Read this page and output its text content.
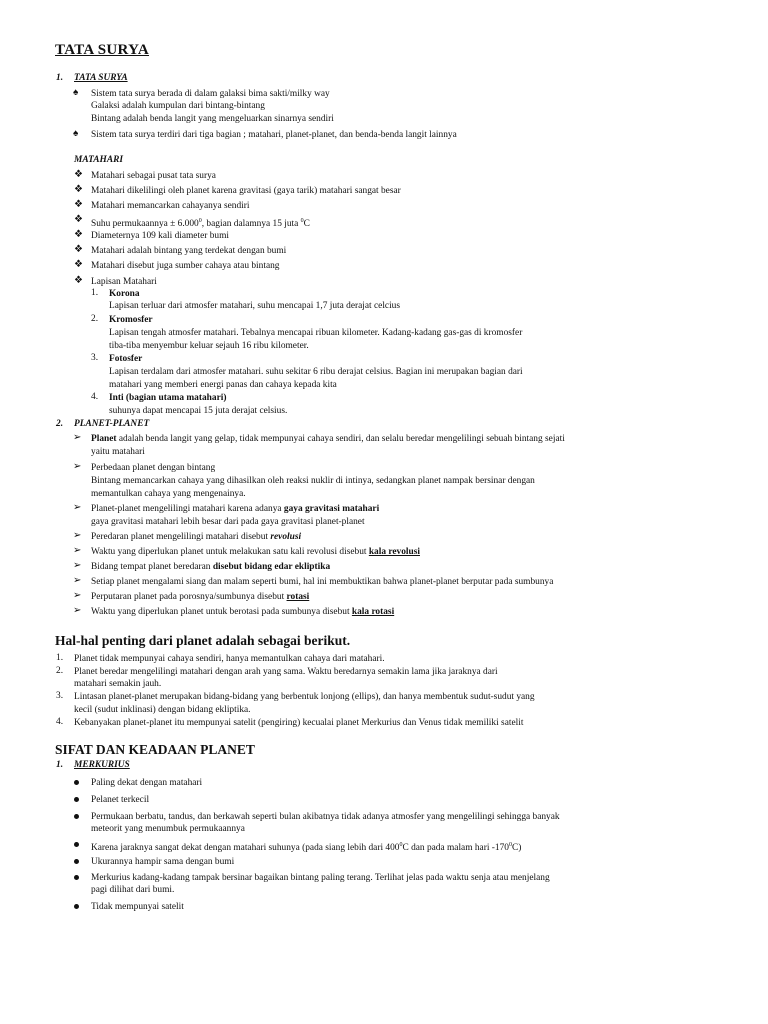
TATA SURYA
1. TATA SURYA
♠ Sistem tata surya berada di dalam galaksi bima sakti/milky way
Galaksi adalah kumpulan dari bintang-bintang
Bintang adalah benda langit yang mengeluarkan sinarnya sendiri
♠ Sistem tata surya terdiri dari tiga bagian ; matahari, planet-planet, dan benda-benda langit lainnya
MATAHARI
❖ Matahari sebagai pusat tata surya
❖ Matahari dikelilingi oleh planet karena gravitasi (gaya tarik) matahari sangat besar
❖ Matahari memancarkan cahayanya sendiri
❖ Suhu permukaannya ± $6.000^0$, bagian dalamnya 15 juta $^0$C
❖ Diameternya 109 kali diameter bumi
❖ Matahari adalah bintang yang terdekat dengan bumi
❖ Matahari disebut juga sumber cahaya atau bintang
❖ Lapisan Matahari
1. Korona
Lapisan terluar dari atmosfer matahari, suhu mencapai 1,7 juta derajat celcius
2. Kromosfer
Lapisan tengah atmosfer matahari. Tebalnya mencapai ribuan kilometer. Kadang-kadang gas-gas di kromosfer
tiba-tiba menyembur keluar sejauh 16 ribu kilometer.
3. Fotosfer
Lapisan terdalam dari atmosfer matahari. suhu sekitar 6 ribu derajat celsius. Bagian ini merupakan bagian dari
matahari yang memberi energi panas dan cahaya kepada kita
4. Inti (bagian utama matahari)
suhunya dapat mencapai 15 juta derajat celsius.
2. PLANET-PLANET
➢ Planet adalah benda langit yang gelap, tidak mempunyai cahaya sendiri, dan selalu beredar mengelilingi sebuah bintang sejati
yaitu matahari
➢ Perbedaan planet dengan bintang
Bintang memancarkan cahaya yang dihasilkan oleh reaksi nuklir di intinya, sedangkan planet nampak bersinar dengan
memantulkan cahaya yang mengenainya.
➢ Planet-planet mengelilingi matahari karena adanya gaya gravitasi matahari
gaya gravitasi matahari lebih besar dari pada gaya gravitasi planet-planet
➢ Peredaran planet mengelilingi matahari disebut revolusi
➢ Waktu yang diperlukan planet untuk melakukan satu kali revolusi disebut kala revolusi
➢ Bidang tempat planet beredaran disebut bidang edar ekliptika
➢ Setiap planet mengalami siang dan malam seperti bumi, hal ini membuktikan bahwa planet-planet berputar pada sumbunya
➢ Perputaran planet pada porosnya/sumbunya disebut rotasi
➢ Waktu yang diperlukan planet untuk berotasi pada sumbunya disebut kala rotasi
Hal-hal penting dari planet adalah sebagai berikut.
1. Planet tidak mempunyai cahaya sendiri, hanya memantulkan cahaya dari matahari.
2. Planet beredar mengelilingi matahari dengan arah yang sama. Waktu beredarnya semakin lama jika jaraknya dari
matahari semakin jauh.
3. Lintasan planet-planet merupakan bidang-bidang yang berbentuk lonjong (ellips), dan hanya membentuk sudut-sudut yang
kecil (sudut inklinasi) dengan bidang ekliptika.
4. Kebanyakan planet-planet itu mempunyai satelit (pengiring) kecualai planet Merkurius dan Venus tidak memiliki satelit
SIFAT DAN KEADAAN PLANET
1. MERKURIUS
Paling dekat dengan matahari
Pelanet terkecil
Permukaan berbatu, tandus, dan berkawah seperti bulan akibatnya tidak adanya atmosfer yang mengelilingi sehingga banyak
meteorit yang menumbuk permukaannya
Karena jaraknya sangat dekat dengan matahari suhunya (pada siang lebih dari $400^0C$ dan pada malam hari $-170^0C$)
Ukurannya hampir sama dengan bumi
Merkurius kadang-kadang tampak bersinar bagaikan bintang paling terang. Terlihat jelas pada waktu senja atau menjelang
pagi dilihat dari bumi.
Tidak mempunyai satelit
